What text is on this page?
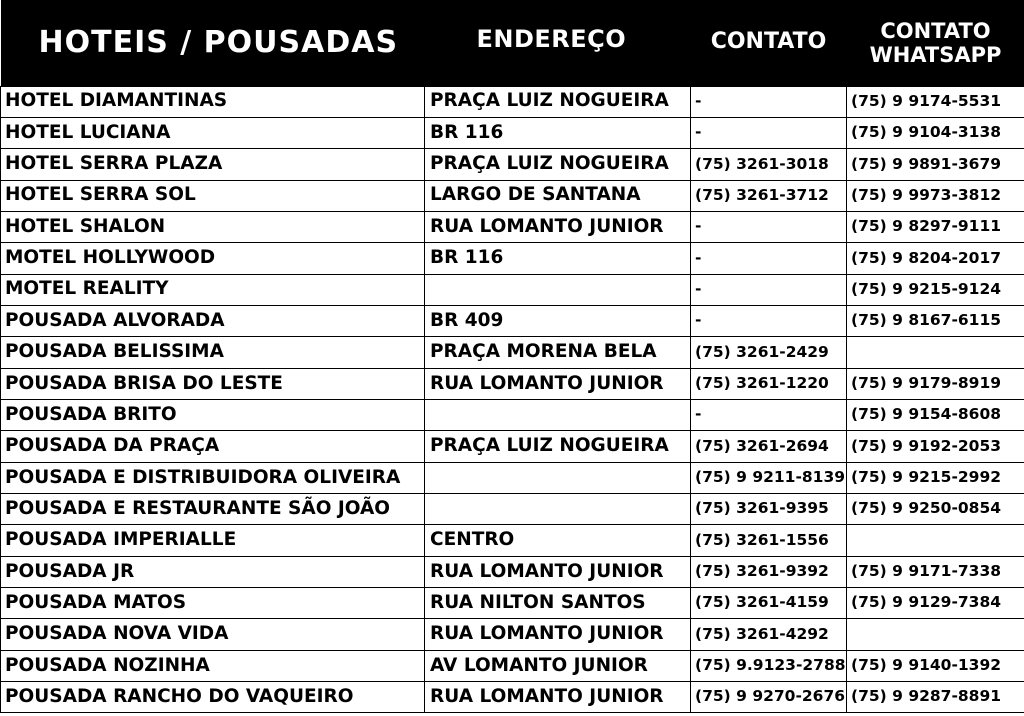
HOTEIS / POUSADAS	ENDEREÇO	CONTATO	CONTATO
WHATSAPP

HOTEL DIAMANTINAS	PRAÇA LUIZ NOGUEIRA	-	(75) 9 9174-5531
HOTEL LUCIANA	BR 116	-	(75) 9 9104-3138
HOTEL SERRA PLAZA	PRAÇA LUIZ NOGUEIRA	(75) 3261-3018	(75) 9 9891-3679
HOTEL SERRA SOL	LARGO DE SANTANA	(75) 3261-3712	(75) 9 9973-3812
HOTEL SHALON	RUA LOMANTO JUNIOR	-	(75) 9 8297-9111
MOTEL HOLLYWOOD	BR 116	-	(75) 9 8204-2017
MOTEL REALITY		-	(75) 9 9215-9124
POUSADA ALVORADA	BR 409	-	(75) 9 8167-6115
POUSADA BELISSIMA	PRAÇA MORENA BELA	(75) 3261-2429	
POUSADA BRISA DO LESTE	RUA LOMANTO JUNIOR	(75) 3261-1220	(75) 9 9179-8919
POUSADA BRITO		-	(75) 9 9154-8608
POUSADA DA PRAÇA	PRAÇA LUIZ NOGUEIRA	(75) 3261-2694	(75) 9 9192-2053
POUSADA E DISTRIBUIDORA OLIVEIRA		(75) 9 9211-8139	(75) 9 9215-2992
POUSADA E RESTAURANTE SÃO JOÃO		(75) 3261-9395	(75) 9 9250-0854
POUSADA IMPERIALLE	CENTRO	(75) 3261-1556	
POUSADA JR	RUA LOMANTO JUNIOR	(75) 3261-9392	(75) 9 9171-7338
POUSADA MATOS	RUA NILTON SANTOS	(75) 3261-4159	(75) 9 9129-7384
POUSADA NOVA VIDA	RUA LOMANTO JUNIOR	(75) 3261-4292	
POUSADA NOZINHA	AV LOMANTO JUNIOR	(75) 9.9123-2788	(75) 9 9140-1392
POUSADA RANCHO DO VAQUEIRO	RUA LOMANTO JUNIOR	(75) 9 9270-2676	(75) 9 9287-8891
